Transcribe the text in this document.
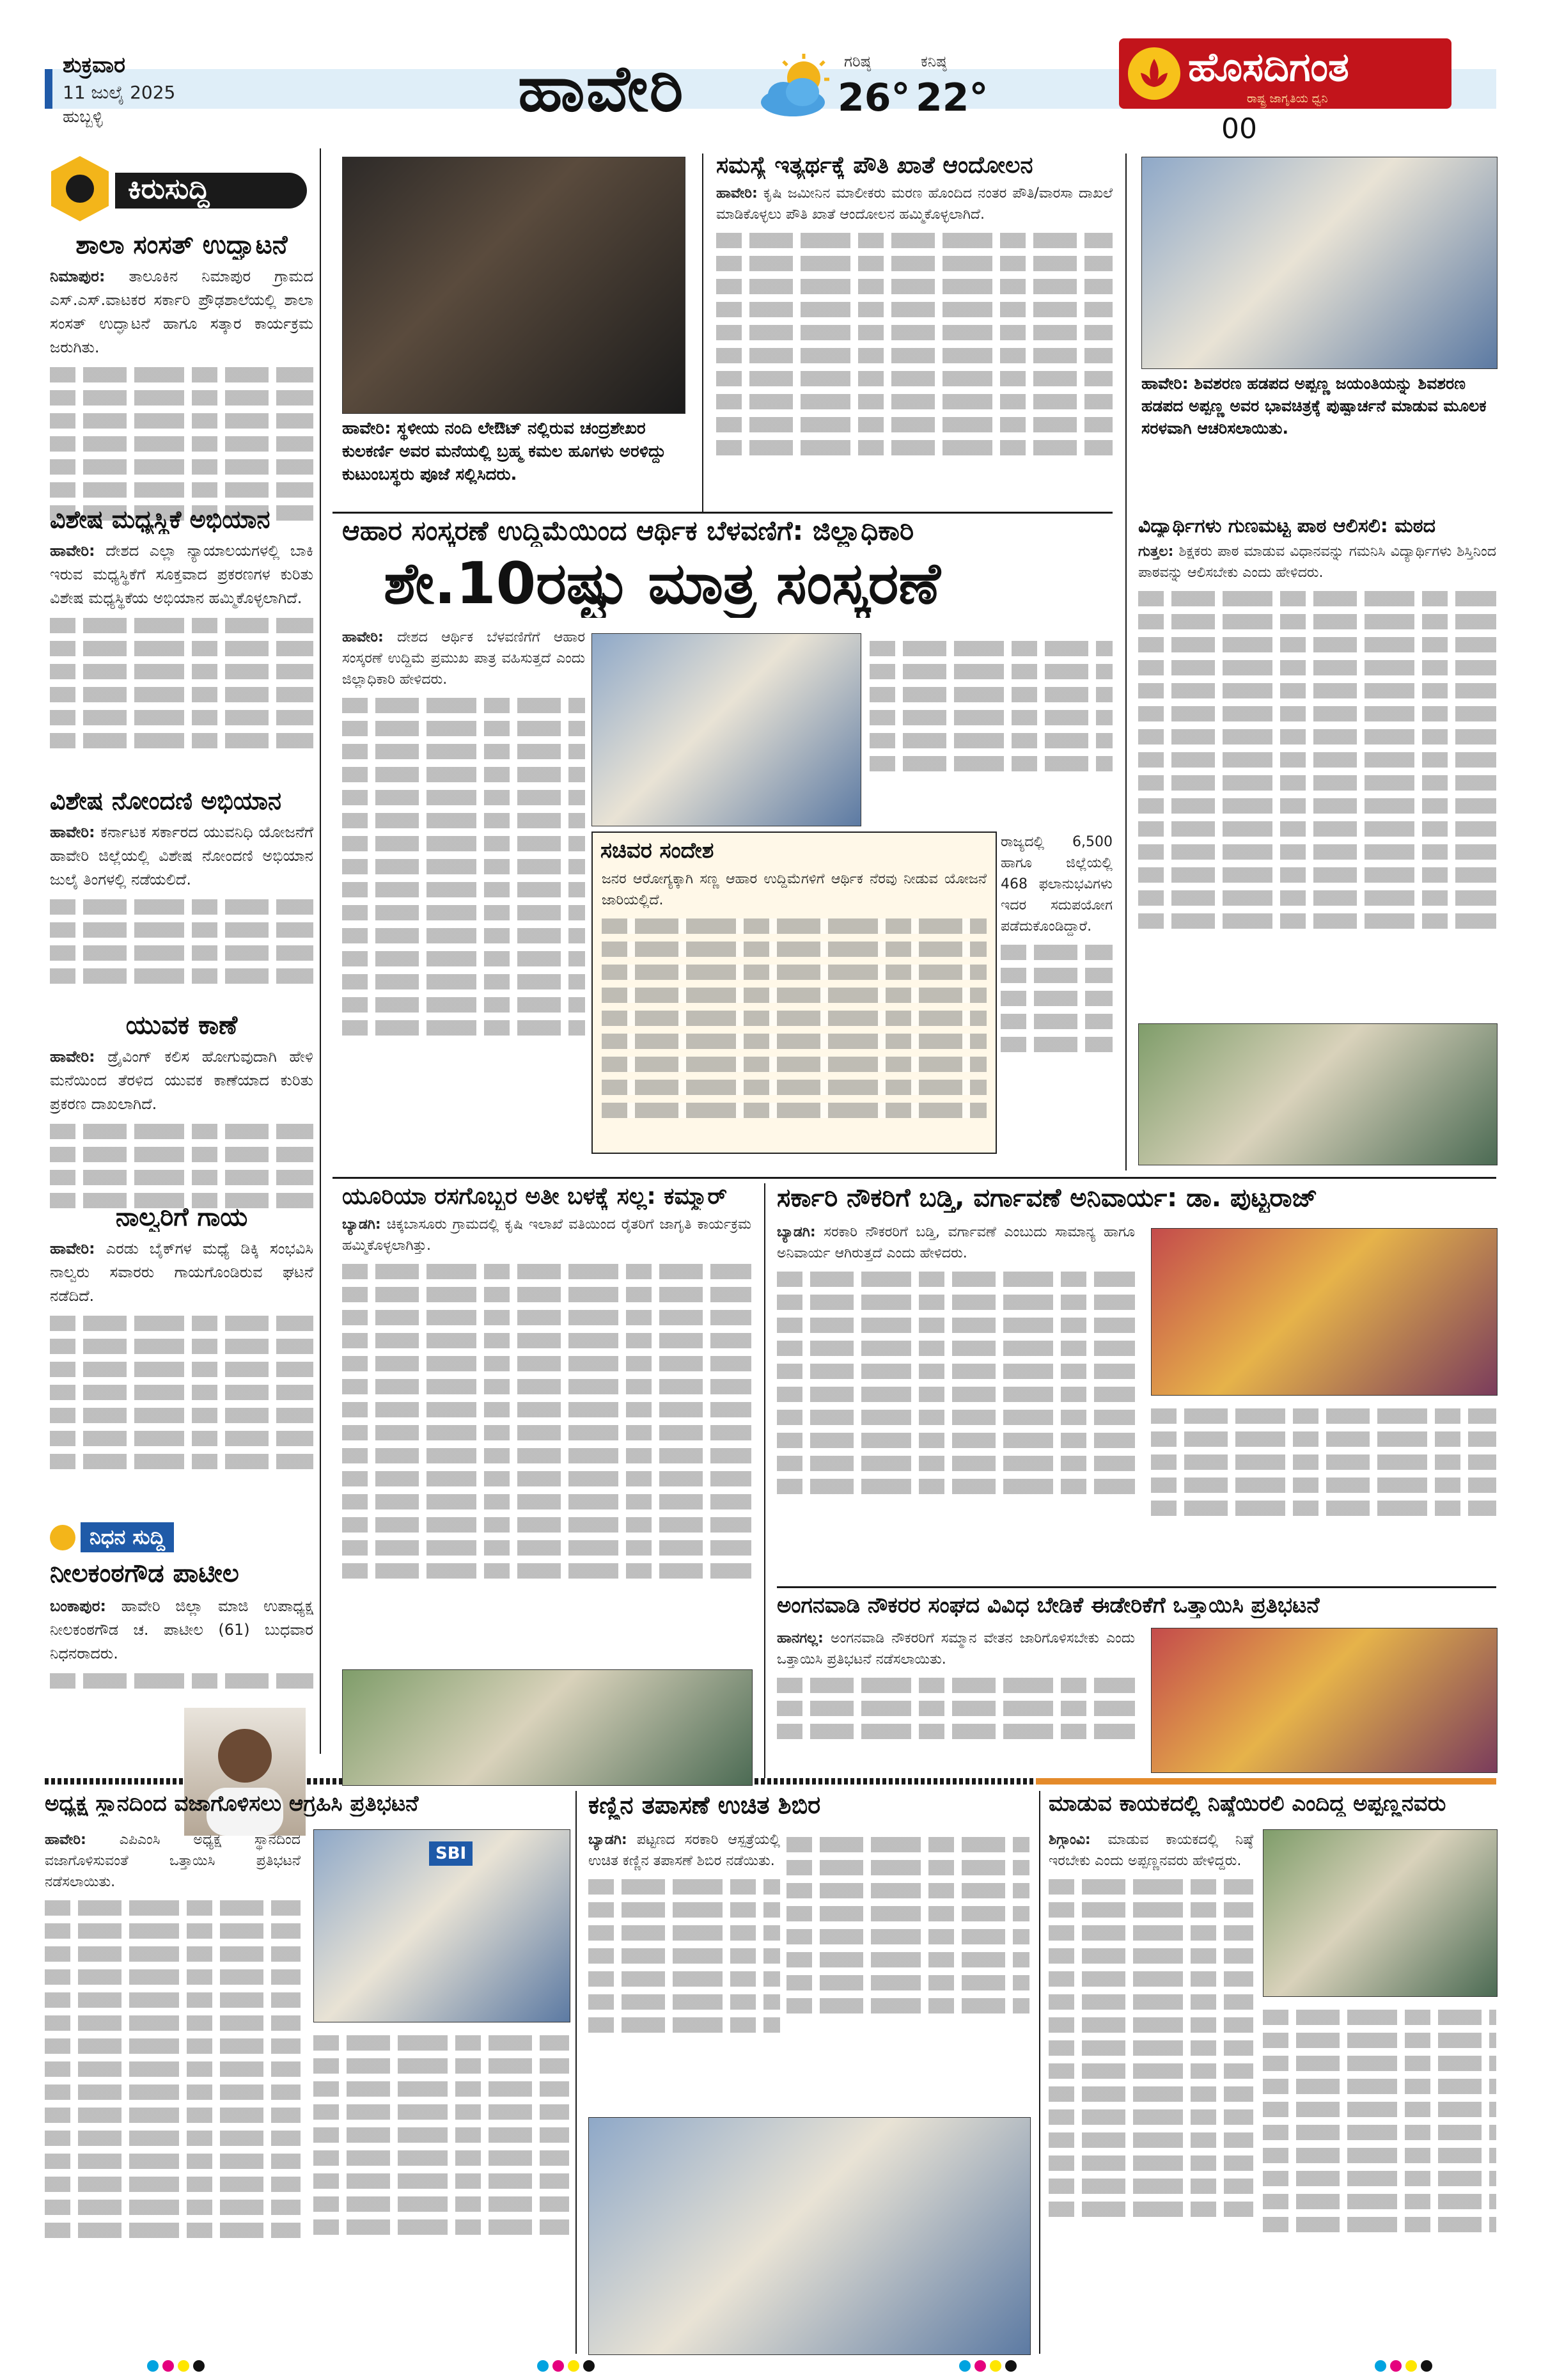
ಶುಕ್ರವಾರ
11 ಜುಲೈ 2025
ಹುಬ್ಬಳ್ಳಿ	ಹಾವೇರಿ	ಗರಿಷ್ಠ
26°
ಕನಿಷ್ಠ
22°
ಹೊಸದಿಗಂತ
ರಾಷ್ಟ್ರ ಜಾಗೃತಿಯ ಧ್ವನಿ
00
ಕಿರುಸುದ್ದಿ
ಶಾಲಾ ಸಂಸತ್ ಉದ್ಘಾಟನೆ
ನಿಮಾಪುರ: ತಾಲೂಕಿನ ನಿಮಾಪುರ ಗ್ರಾಮದ ಎಸ್.ಎಸ್.ವಾಟಕರ ಸರ್ಕಾರಿ ಪ್ರೌಢಶಾಲೆಯಲ್ಲಿ ಶಾಲಾ ಸಂಸತ್ ಉದ್ಘಾಟನೆ ಹಾಗೂ ಸತ್ಕಾರ ಕಾರ್ಯಕ್ರಮ ಜರುಗಿತು.
ವಿಶೇಷ ಮಧ್ಯಸ್ಥಿಕೆ ಅಭಿಯಾನ
ಹಾವೇರಿ: ದೇಶದ ಎಲ್ಲಾ ನ್ಯಾಯಾಲಯಗಳಲ್ಲಿ ಬಾಕಿ ಇರುವ ಮಧ್ಯಸ್ಥಿಕೆಗೆ ಸೂಕ್ತವಾದ ಪ್ರಕರಣಗಳ ಕುರಿತು ವಿಶೇಷ ಮಧ್ಯಸ್ಥಿಕೆಯ ಅಭಿಯಾನ ಹಮ್ಮಿಕೊಳ್ಳಲಾಗಿದೆ.
ವಿಶೇಷ ನೋಂದಣಿ ಅಭಿಯಾನ
ಹಾವೇರಿ: ಕರ್ನಾಟಕ ಸರ್ಕಾರದ ಯುವನಿಧಿ ಯೋಜನೆಗೆ ಹಾವೇರಿ ಜಿಲ್ಲೆಯಲ್ಲಿ ವಿಶೇಷ ನೋಂದಣಿ ಅಭಿಯಾನ ಜುಲೈ ತಿಂಗಳಲ್ಲಿ ನಡೆಯಲಿದೆ.
ಯುವಕ ಕಾಣೆ
ಹಾವೇರಿ: ಡ್ರೈವಿಂಗ್ ಕಲಿಸ ಹೋಗುವುದಾಗಿ ಹೇಳಿ ಮನೆಯಿಂದ ತೆರಳಿದ ಯುವಕ ಕಾಣೆಯಾದ ಕುರಿತು ಪ್ರಕರಣ ದಾಖಲಾಗಿದೆ.
ನಾಲ್ವರಿಗೆ ಗಾಯ
ಹಾವೇರಿ: ಎರಡು ಬೈಕ್‌ಗಳ ಮಧ್ಯೆ ಡಿಕ್ಕಿ ಸಂಭವಿಸಿ ನಾಲ್ವರು ಸವಾರರು ಗಾಯಗೊಂಡಿರುವ ಘಟನೆ ನಡೆದಿದೆ.
ನಿಧನ ಸುದ್ದಿ
ನೀಲಕಂಠಗೌಡ ಪಾಟೀಲ
ಬಂಕಾಪುರ: ಹಾವೇರಿ ಜಿಲ್ಲಾ ಮಾಜಿ ಉಪಾಧ್ಯಕ್ಷ ನೀಲಕಂಠಗೌಡ ಚ. ಪಾಟೀಲ (61) ಬುಧವಾರ ನಿಧನರಾದರು.
ಹಾವೇರಿ: ಸ್ಥಳೀಯ ನಂದಿ ಲೇಔಟ್ ನಲ್ಲಿರುವ ಚಂದ್ರಶೇಖರ ಕುಲಕರ್ಣಿ ಅವರ ಮನೆಯಲ್ಲಿ ಬ್ರಹ್ಮ ಕಮಲ ಹೂಗಳು ಅರಳಿದ್ದು ಕುಟುಂಬಸ್ಥರು ಪೂಜೆ ಸಲ್ಲಿಸಿದರು.
ಸಮಸ್ಯೆ ಇತ್ಯರ್ಥಕ್ಕೆ ಪೌತಿ ಖಾತೆ ಆಂದೋಲನ
ಹಾವೇರಿ: ಕೃಷಿ ಜಮೀನಿನ ಮಾಲೀಕರು ಮರಣ ಹೊಂದಿದ ನಂತರ ಪೌತಿ/ವಾರಸಾ ದಾಖಲೆ ಮಾಡಿಕೊಳ್ಳಲು ಪೌತಿ ಖಾತೆ ಆಂದೋಲನ ಹಮ್ಮಿಕೊಳ್ಳಲಾಗಿದೆ.
ಹಾವೇರಿ: ಶಿವಶರಣ ಹಡಪದ ಅಪ್ಪಣ್ಣ ಜಯಂತಿಯನ್ನು ಶಿವಶರಣ ಹಡಪದ ಅಪ್ಪಣ್ಣ ಅವರ ಭಾವಚಿತ್ರಕ್ಕೆ ಪುಷ್ಪಾರ್ಚನೆ ಮಾಡುವ ಮೂಲಕ ಸರಳವಾಗಿ ಆಚರಿಸಲಾಯಿತು.
ಆಹಾರ ಸಂಸ್ಕರಣೆ ಉದ್ದಿಮೆಯಿಂದ ಆರ್ಥಿಕ ಬೆಳವಣಿಗೆ: ಜಿಲ್ಲಾಧಿಕಾರಿ
ಶೇ.10ರಷ್ಟು ಮಾತ್ರ ಸಂಸ್ಕರಣೆ
ಹಾವೇರಿ: ದೇಶದ ಆರ್ಥಿಕ ಬೆಳವಣಿಗೆಗೆ ಆಹಾರ ಸಂಸ್ಕರಣೆ ಉದ್ದಿಮೆ ಪ್ರಮುಖ ಪಾತ್ರ ವಹಿಸುತ್ತದೆ ಎಂದು ಜಿಲ್ಲಾಧಿಕಾರಿ ಹೇಳಿದರು.
ಸಚಿವರ ಸಂದೇಶ
ಜನರ ಆರೋಗ್ಯಕ್ಕಾಗಿ ಸಣ್ಣ ಆಹಾರ ಉದ್ದಿಮೆಗಳಿಗೆ ಆರ್ಥಿಕ ನೆರವು ನೀಡುವ ಯೋಜನೆ ಜಾರಿಯಲ್ಲಿದೆ.
ರಾಜ್ಯದಲ್ಲಿ 6,500 ಹಾಗೂ ಜಿಲ್ಲೆಯಲ್ಲಿ 468 ಫಲಾನುಭವಿಗಳು ಇದರ ಸದುಪಯೋಗ ಪಡೆದುಕೊಂಡಿದ್ದಾರೆ.
ವಿದ್ಯಾರ್ಥಿಗಳು ಗುಣಮಟ್ಟ ಪಾಠ ಆಲಿಸಲಿ: ಮಠದ
ಗುತ್ತಲ: ಶಿಕ್ಷಕರು ಪಾಠ ಮಾಡುವ ವಿಧಾನವನ್ನು ಗಮನಿಸಿ ವಿದ್ಯಾರ್ಥಿಗಳು ಶಿಸ್ತಿನಿಂದ ಪಾಠವನ್ನು ಆಲಿಸಬೇಕು ಎಂದು ಹೇಳಿದರು.
ಯೂರಿಯಾ ರಸಗೊಬ್ಬರ ಅತೀ ಬಳಕ್ಕೆ ಸಲ್ಲ: ಕಮ್ಮಾರ್
ಬ್ಯಾಡಗಿ: ಚಿಕ್ಕಬಾಸೂರು ಗ್ರಾಮದಲ್ಲಿ ಕೃಷಿ ಇಲಾಖೆ ವತಿಯಿಂದ ರೈತರಿಗೆ ಜಾಗೃತಿ ಕಾರ್ಯಕ್ರಮ ಹಮ್ಮಿಕೊಳ್ಳಲಾಗಿತ್ತು.
ಸರ್ಕಾರಿ ನೌಕರಿಗೆ ಬಡ್ತಿ, ವರ್ಗಾವಣೆ ಅನಿವಾರ್ಯ: ಡಾ. ಪುಟ್ಟರಾಜ್
ಬ್ಯಾಡಗಿ: ಸರಕಾರಿ ನೌಕರರಿಗೆ ಬಡ್ತಿ, ವರ್ಗಾವಣೆ ಎಂಬುದು ಸಾಮಾನ್ಯ ಹಾಗೂ ಅನಿವಾರ್ಯ ಆಗಿರುತ್ತದೆ ಎಂದು ಹೇಳಿದರು.
ಅಂಗನವಾಡಿ ನೌಕರರ ಸಂಘದ ವಿವಿಧ ಬೇಡಿಕೆ ಈಡೇರಿಕೆಗೆ ಒತ್ತಾಯಿಸಿ ಪ್ರತಿಭಟನೆ
ಹಾನಗಲ್ಲ: ಅಂಗನವಾಡಿ ನೌಕರರಿಗೆ ಸಮ್ಮಾನ ವೇತನ ಜಾರಿಗೊಳಿಸಬೇಕು ಎಂದು ಒತ್ತಾಯಿಸಿ ಪ್ರತಿಭಟನೆ ನಡೆಸಲಾಯಿತು.
ಅಧ್ಯಕ್ಷ ಸ್ಥಾನದಿಂದ ವಜಾಗೊಳಿಸಲು ಆಗ್ರಹಿಸಿ ಪ್ರತಿಭಟನೆ
ಹಾವೇರಿ: ಎಪಿಎಂಸಿ ಅಧ್ಯಕ್ಷ ಸ್ಥಾನದಿಂದ ವಜಾಗೊಳಿಸುವಂತೆ ಒತ್ತಾಯಿಸಿ ಪ್ರತಿಭಟನೆ ನಡೆಸಲಾಯಿತು.
SBI
ಕಣ್ಣಿನ ತಪಾಸಣೆ ಉಚಿತ ಶಿಬಿರ
ಬ್ಯಾಡಗಿ: ಪಟ್ಟಣದ ಸರಕಾರಿ ಆಸ್ಪತ್ರೆಯಲ್ಲಿ ಉಚಿತ ಕಣ್ಣಿನ ತಪಾಸಣೆ ಶಿಬಿರ ನಡೆಯಿತು.
ಮಾಡುವ ಕಾಯಕದಲ್ಲಿ ನಿಷ್ಠೆಯಿರಲಿ ಎಂದಿದ್ದ ಅಪ್ಪಣ್ಣನವರು
ಶಿಗ್ಗಾಂವಿ: ಮಾಡುವ ಕಾಯಕದಲ್ಲಿ ನಿಷ್ಠೆ ಇರಬೇಕು ಎಂದು ಅಪ್ಪಣ್ಣನವರು ಹೇಳಿದ್ದರು.
